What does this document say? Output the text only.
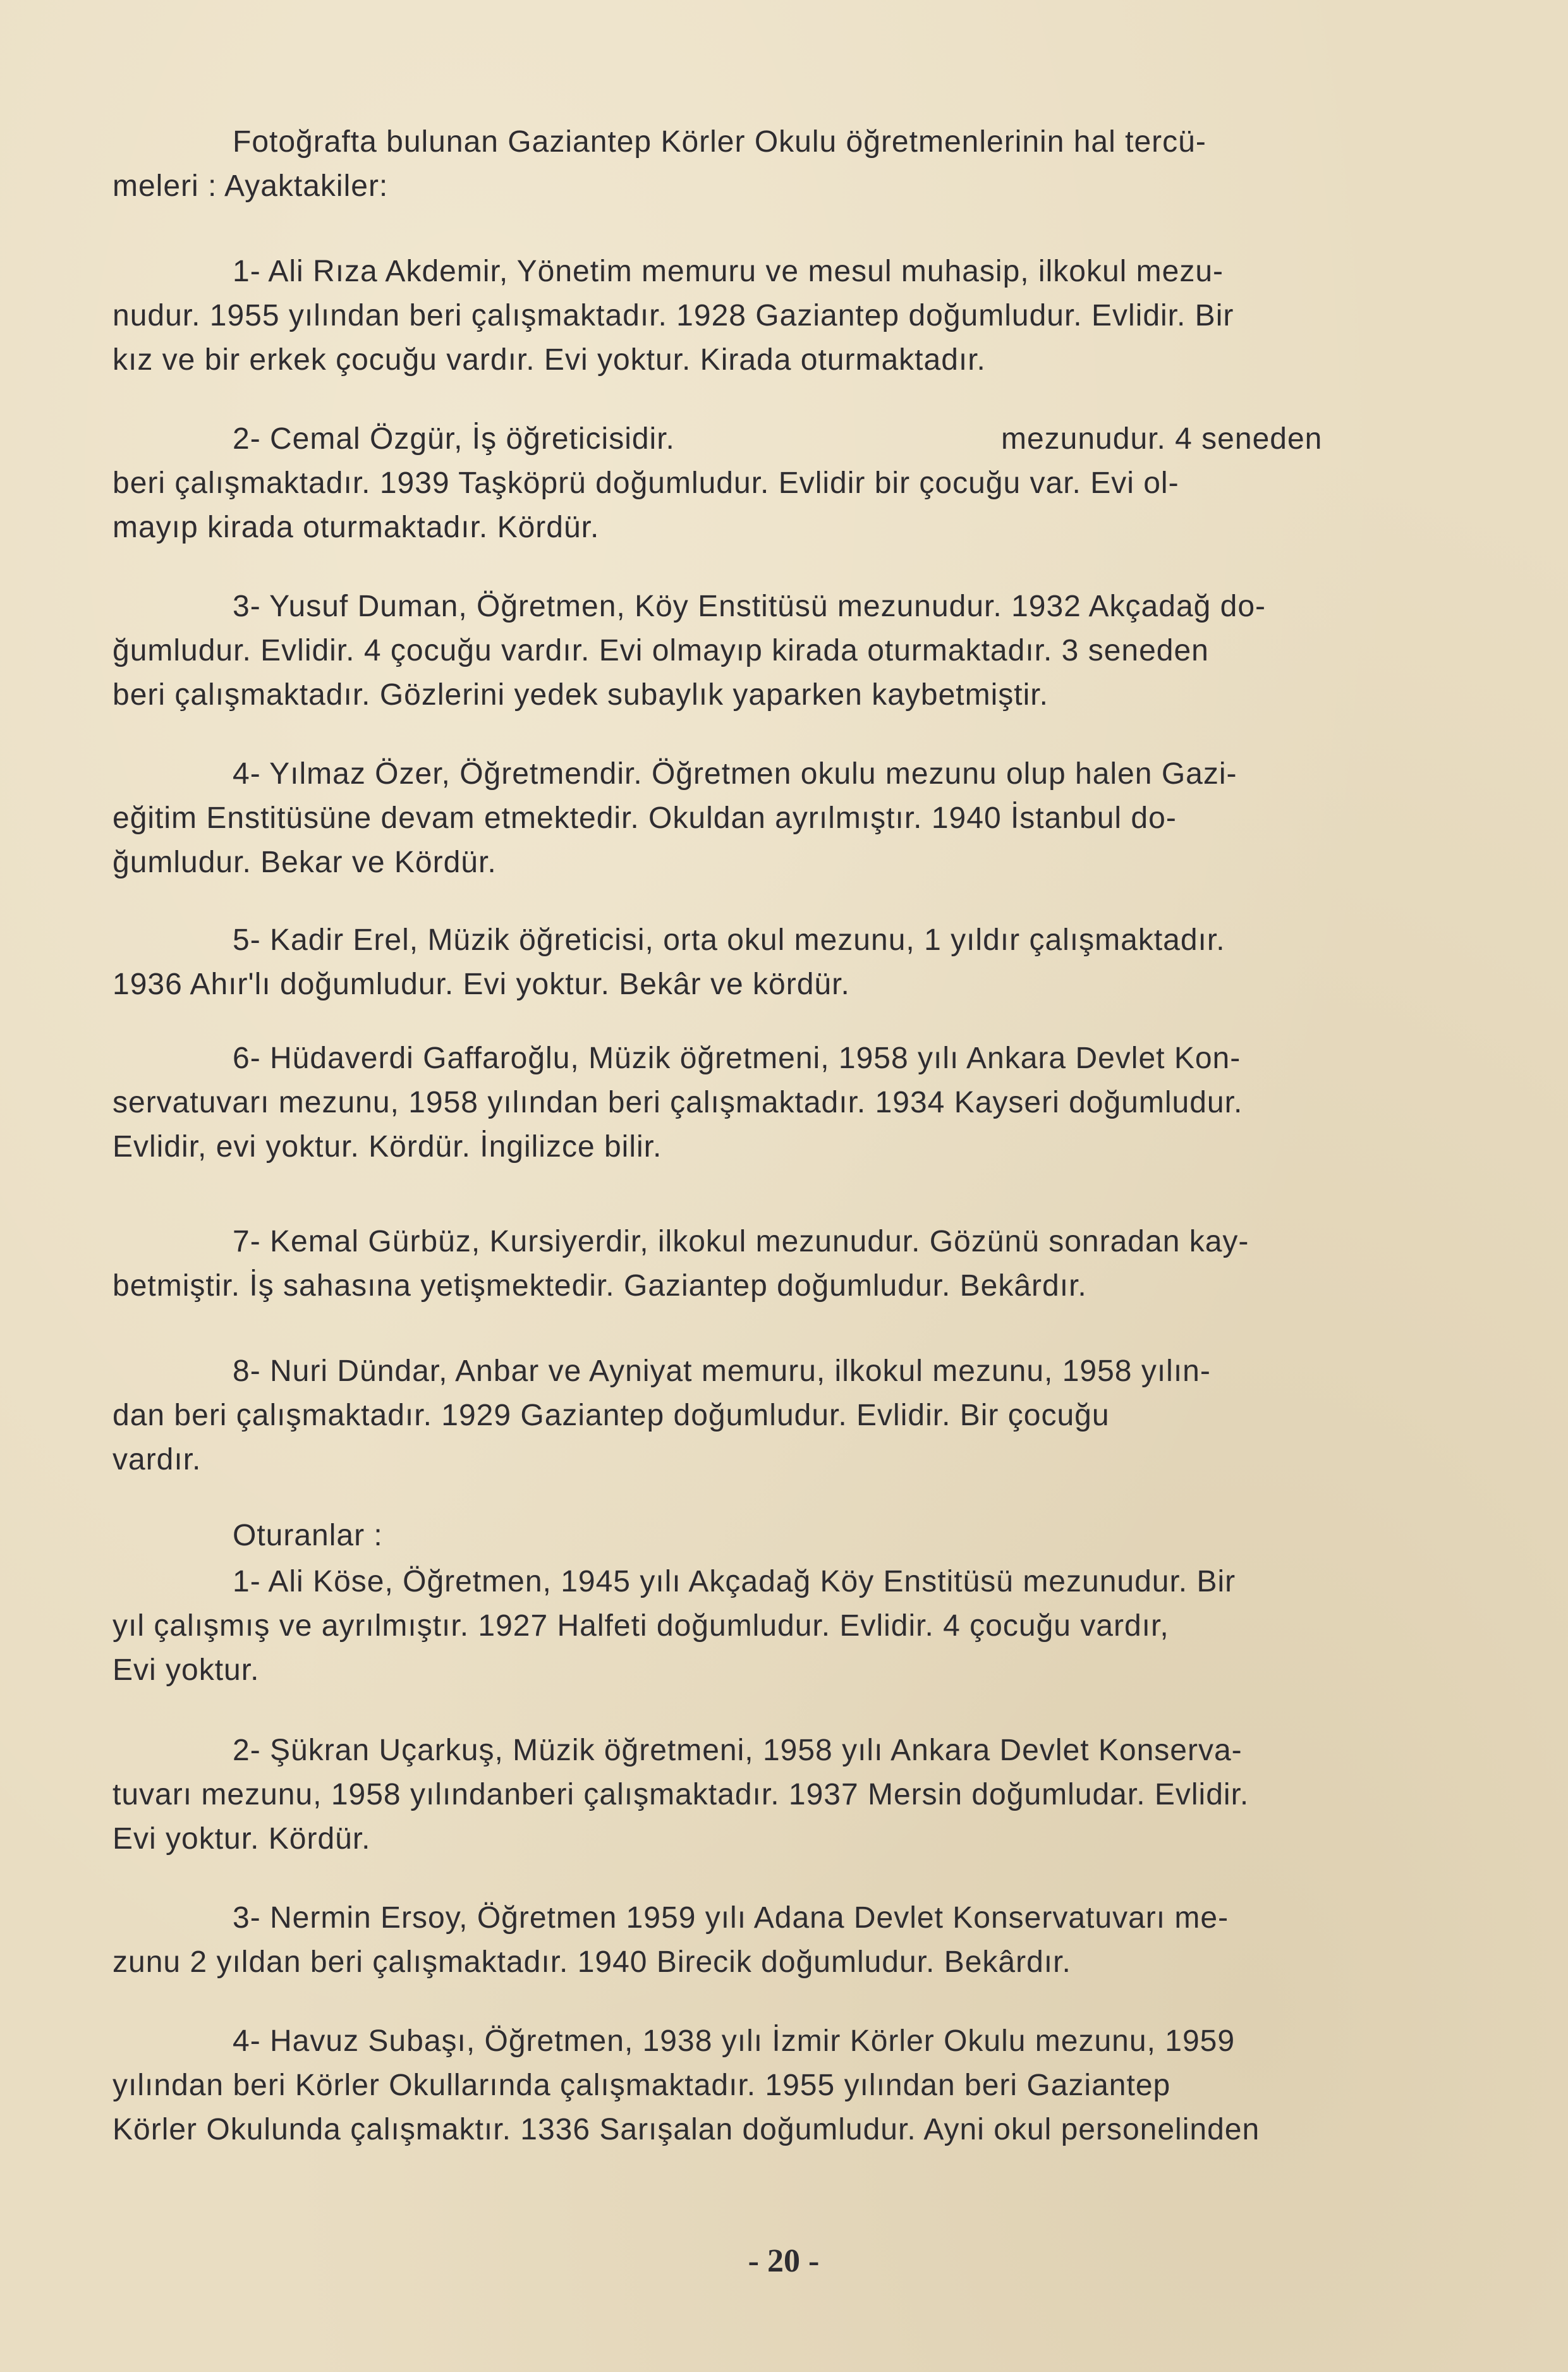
Fotoğrafta bulunan Gaziantep Körler Okulu öğretmenlerinin hal tercü-
meleri : Ayaktakiler:

1- Ali Rıza Akdemir, Yönetim memuru ve mesul muhasip, ilkokul mezu-
nudur. 1955 yılından beri çalışmaktadır. 1928 Gaziantep doğumludur. Evlidir. Bir
kız ve bir erkek çocuğu vardır. Evi yoktur. Kirada oturmaktadır.

2- Cemal Özgür, İş öğreticisidir.                                    mezunudur. 4 seneden
beri çalışmaktadır. 1939 Taşköprü doğumludur. Evlidir bir çocuğu var. Evi ol-
mayıp kirada oturmaktadır. Kördür.

3- Yusuf Duman, Öğretmen, Köy Enstitüsü mezunudur. 1932 Akçadağ do-
ğumludur. Evlidir. 4 çocuğu vardır. Evi olmayıp kirada oturmaktadır. 3 seneden
beri çalışmaktadır. Gözlerini yedek subaylık yaparken kaybetmiştir.

4- Yılmaz Özer, Öğretmendir. Öğretmen okulu mezunu olup halen Gazi-
eğitim Enstitüsüne devam etmektedir. Okuldan ayrılmıştır. 1940 İstanbul do-
ğumludur. Bekar ve Kördür.

5- Kadir Erel, Müzik öğreticisi, orta okul mezunu, 1 yıldır çalışmaktadır.
1936 Ahır'lı doğumludur. Evi yoktur. Bekâr ve kördür.

6- Hüdaverdi Gaffaroğlu, Müzik öğretmeni, 1958 yılı Ankara Devlet Kon-
servatuvarı mezunu, 1958 yılından beri çalışmaktadır. 1934 Kayseri doğumludur.
Evlidir, evi yoktur. Kördür. İngilizce bilir.

7- Kemal Gürbüz, Kursiyerdir, ilkokul mezunudur. Gözünü sonradan kay-
betmiştir. İş sahasına yetişmektedir. Gaziantep doğumludur. Bekârdır.

8- Nuri Dündar, Anbar ve Ayniyat memuru, ilkokul mezunu, 1958 yılın-
dan beri çalışmaktadır. 1929 Gaziantep doğumludur. Evlidir. Bir çocuğu
vardır.

Oturanlar :

1- Ali Köse, Öğretmen, 1945 yılı Akçadağ Köy Enstitüsü mezunudur. Bir
yıl çalışmış ve ayrılmıştır. 1927 Halfeti doğumludur. Evlidir. 4 çocuğu vardır,
Evi yoktur.

2- Şükran Uçarkuş, Müzik öğretmeni, 1958 yılı Ankara Devlet Konserva-
tuvarı mezunu, 1958 yılındanberi çalışmaktadır. 1937 Mersin doğumludar. Evlidir.
Evi yoktur. Kördür.

3- Nermin Ersoy, Öğretmen 1959 yılı Adana Devlet Konservatuvarı me-
zunu 2 yıldan beri çalışmaktadır. 1940 Birecik doğumludur. Bekârdır.

4- Havuz Subaşı, Öğretmen, 1938 yılı İzmir Körler Okulu mezunu, 1959
yılından beri Körler Okullarında çalışmaktadır. 1955 yılından beri Gaziantep
Körler Okulunda çalışmaktır. 1336 Sarışalan doğumludur. Ayni okul personelinden

- 20 -
